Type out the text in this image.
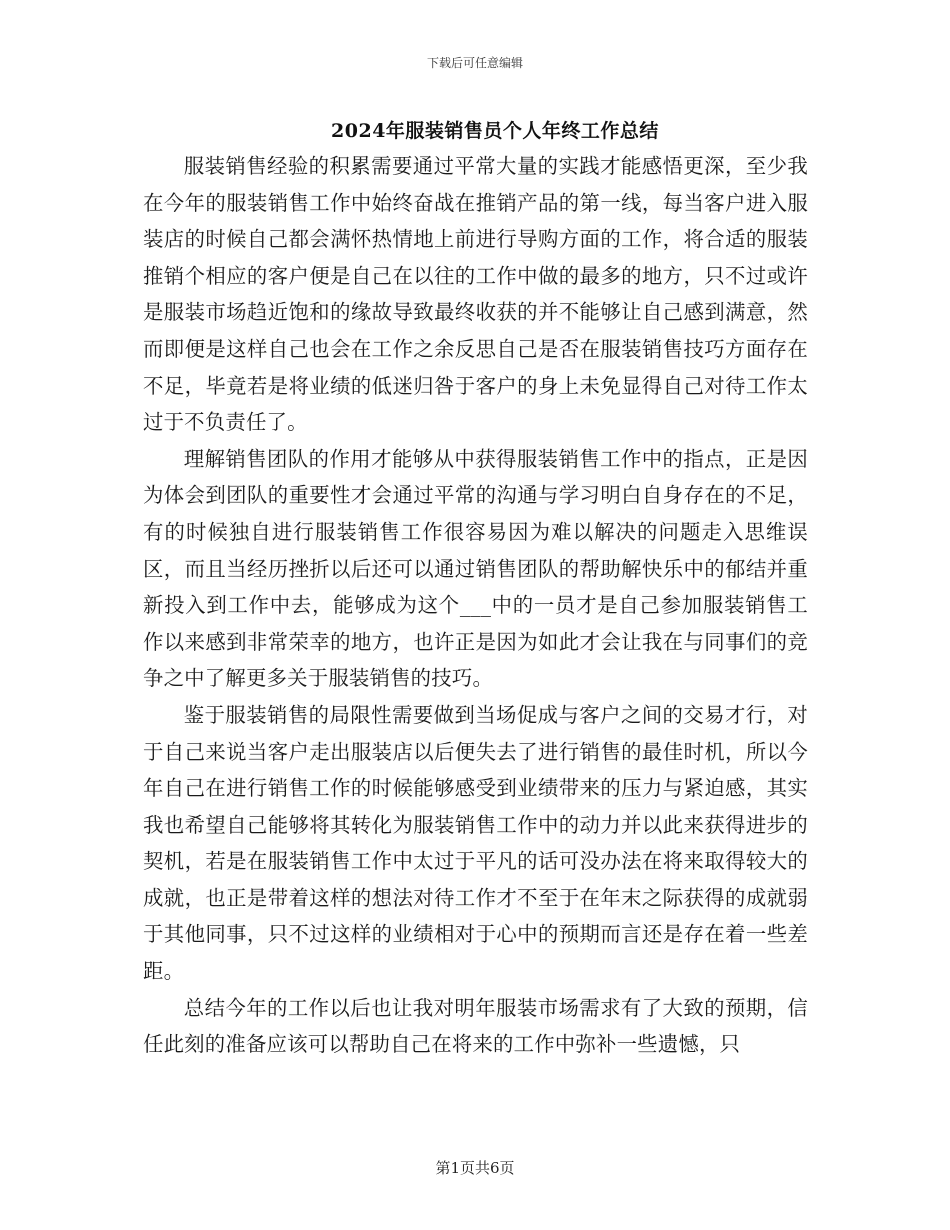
下载后可任意编辑
2024年服装销售员个人年终工作总结

服装销售经验的积累需要通过平常大量的实践才能感悟更深，至少我在今年的服装销售工作中始终奋战在推销产品的第一线，每当客户进入服装店的时候自己都会满怀热情地上前进行导购方面的工作，将合适的服装推销个相应的客户便是自己在以往的工作中做的最多的地方，只不过或许是服装市场趋近饱和的缘故导致最终收获的并不能够让自己感到满意，然而即便是这样自己也会在工作之余反思自己是否在服装销售技巧方面存在不足，毕竟若是将业绩的低迷归咎于客户的身上未免显得自己对待工作太过于不负责任了。

理解销售团队的作用才能够从中获得服装销售工作中的指点，正是因为体会到团队的重要性才会通过平常的沟通与学习明白自身存在的不足，有的时候独自进行服装销售工作很容易因为难以解决的问题走入思维误区，而且当经历挫折以后还可以通过销售团队的帮助解快乐中的郁结并重新投入到工作中去，能够成为这个___中的一员才是自己参加服装销售工作以来感到非常荣幸的地方，也许正是因为如此才会让我在与同事们的竞争之中了解更多关于服装销售的技巧。

鉴于服装销售的局限性需要做到当场促成与客户之间的交易才行，对于自己来说当客户走出服装店以后便失去了进行销售的最佳时机，所以今年自己在进行销售工作的时候能够感受到业绩带来的压力与紧迫感，其实我也希望自己能够将其转化为服装销售工作中的动力并以此来获得进步的契机，若是在服装销售工作中太过于平凡的话可没办法在将来取得较大的成就，也正是带着这样的想法对待工作才不至于在年末之际获得的成就弱于其他同事，只不过这样的业绩相对于心中的预期而言还是存在着一些差距。

总结今年的工作以后也让我对明年服装市场需求有了大致的预期，信任此刻的准备应该可以帮助自己在将来的工作中弥补一些遗憾，只

第1页共6页
